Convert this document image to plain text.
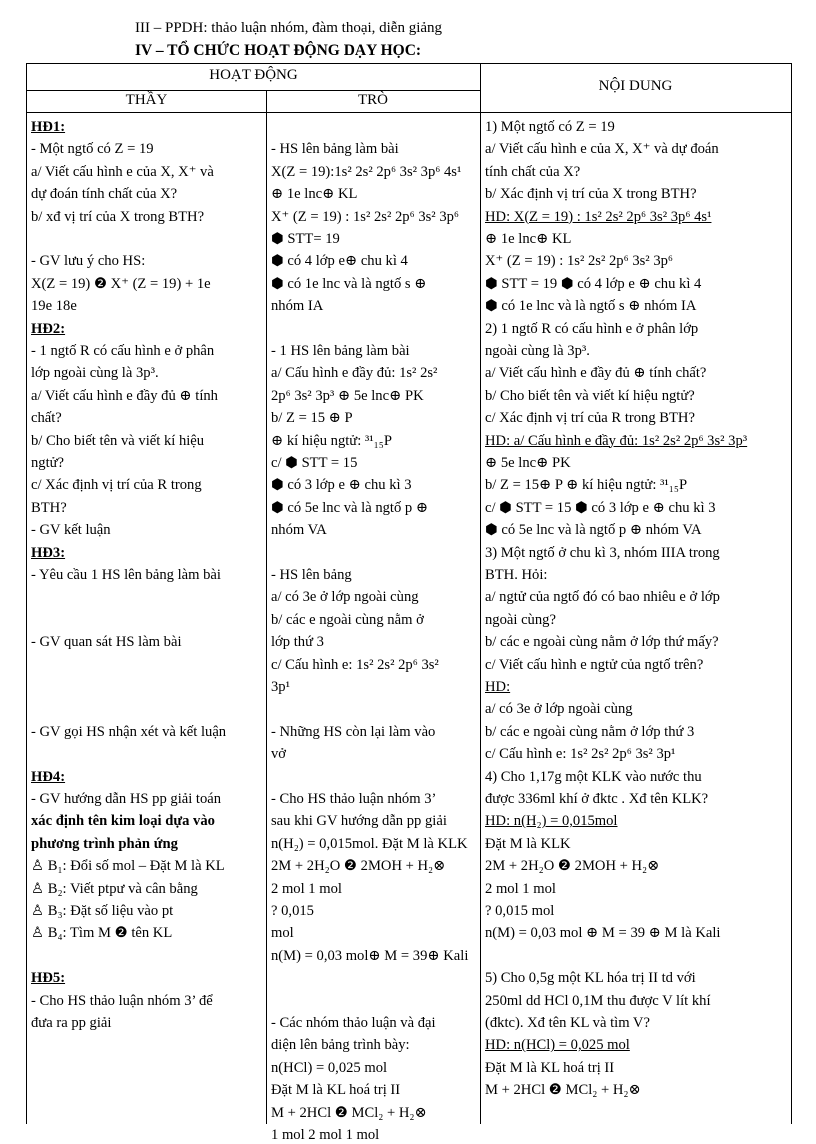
III – PPDH: thảo luận nhóm, đàm thoại, diễn giảng
IV – TỔ CHỨC HOẠT ĐỘNG DẠY HỌC:
HOẠT ĐỘNG
THẦY	TRÒ
NỘI DUNG
HĐ1:
- Một ngtố có Z = 19
a/ Viết cấu hình e của X, X⁺ và
dự đoán tính chất của X?
b/ xđ vị trí của X trong BTH?
- GV lưu ý cho HS:
X(Z = 19) ❷ X⁺ (Z = 19) + 1e
19e 18e
HĐ2:
- 1 ngtố R có cấu hình e ở phân
lớp ngoài cùng là 3p³.
a/ Viết cấu hình e đầy đủ ⊕ tính
chất?
b/ Cho biết tên và viết kí hiệu
ngtử?
c/ Xác định vị trí của R trong
BTH?
- GV kết luận
HĐ3:
- Yêu cầu 1 HS lên bảng làm bài
- GV quan sát HS làm bài
- GV gọi HS nhận xét và kết luận
HĐ4:
- GV hướng dẫn HS pp giải toán
xác định tên kim loại dựa vào
phương trình phản ứng
♙ B₁: Đổi số mol – Đặt M là KL
♙ B₂: Viết ptpư và cân bằng
♙ B₃: Đặt số liệu vào pt
♙ B₄: Tìm M ❷ tên KL
HĐ5:
- Cho HS thảo luận nhóm 3’ để
đưa ra pp giải
- HS lên bảng làm bài
X(Z = 19):1s² 2s² 2p⁶ 3s² 3p⁶ 4s¹
⊕ 1e lnc⊕ KL
X⁺ (Z = 19) : 1s² 2s² 2p⁶ 3s² 3p⁶
⬢ STT= 19
⬢ có 4 lớp e⊕ chu kì 4
⬢ có 1e lnc và là ngtố s ⊕
nhóm IA
- 1 HS lên bảng làm bài
a/ Cấu hình e đầy đủ: 1s² 2s²
2p⁶ 3s² 3p³ ⊕ 5e lnc⊕ PK
b/ Z = 15 ⊕ P
⊕ kí hiệu ngtử: ³¹₁₅P
c/ ⬢ STT = 15
⬢ có 3 lớp e ⊕ chu kì 3
⬢ có 5e lnc và là ngtố p ⊕
nhóm VA
- HS lên bảng
a/ có 3e ở lớp ngoài cùng
b/ các e ngoài cùng nằm ở
lớp thứ 3
c/ Cấu hình e: 1s² 2s² 2p⁶ 3s²
3p¹
- Những HS còn lại làm vào
vở
- Cho HS thảo luận nhóm 3’
sau khi GV hướng dẫn pp giải
n(H₂) = 0,015mol. Đặt M là KLK
2M + 2H₂O ❷ 2MOH + H₂⊗
2 mol 1 mol
? 0,015
mol
n(M) = 0,03 mol⊕ M = 39⊕ Kali
- Các nhóm thảo luận và đại
diện lên bảng trình bày:
n(HCl) = 0,025 mol
Đặt M là KL hoá trị II
M + 2HCl ❷ MCl₂ + H₂⊗
1 mol 2 mol 1 mol
1) Một ngtố có Z = 19
a/ Viết cấu hình e của X, X⁺ và dự đoán
tính chất của X?
b/ Xác định vị trí của X trong BTH?
HD: X(Z = 19) : 1s² 2s² 2p⁶ 3s² 3p⁶ 4s¹
⊕ 1e lnc⊕ KL
X⁺ (Z = 19) : 1s² 2s² 2p⁶ 3s² 3p⁶
⬢ STT = 19 ⬢ có 4 lớp e ⊕ chu kì 4
⬢ có 1e lnc và là ngtố s ⊕ nhóm IA
2) 1 ngtố R có cấu hình e ở phân lớp
ngoài cùng là 3p³.
a/ Viết cấu hình e đầy đủ ⊕ tính chất?
b/ Cho biết tên và viết kí hiệu ngtử?
c/ Xác định vị trí của R trong BTH?
HD: a/ Cấu hình e đầy đủ: 1s² 2s² 2p⁶ 3s² 3p³
⊕ 5e lnc⊕ PK
b/ Z = 15⊕ P ⊕ kí hiệu ngtử: ³¹₁₅P
c/ ⬢ STT = 15 ⬢ có 3 lớp e ⊕ chu kì 3
⬢ có 5e lnc và là ngtố p ⊕ nhóm VA
3) Một ngtố ở chu kì 3, nhóm IIIA trong
BTH. Hỏi:
a/ ngtử của ngtố đó có bao nhiêu e ở lớp
ngoài cùng?
b/ các e ngoài cùng nằm ở lớp thứ mấy?
c/ Viết cấu hình e ngtử của ngtố trên?
HD:
a/ có 3e ở lớp ngoài cùng
b/ các e ngoài cùng nằm ở lớp thứ 3
c/ Cấu hình e: 1s² 2s² 2p⁶ 3s² 3p¹
4) Cho 1,17g một KLK vào nước thu
được 336ml khí ở đktc . Xđ tên KLK?
HD: n(H₂) = 0,015mol
Đặt M là KLK
2M + 2H₂O ❷ 2MOH + H₂⊗
2 mol 1 mol
? 0,015 mol
n(M) = 0,03 mol ⊕ M = 39 ⊕ M là Kali
5) Cho 0,5g một KL hóa trị II td với
250ml dd HCl 0,1M thu được V lít khí
(đktc). Xđ tên KL và tìm V?
HD: n(HCl) = 0,025 mol
Đặt M là KL hoá trị II
M + 2HCl ❷ MCl₂ + H₂⊗
